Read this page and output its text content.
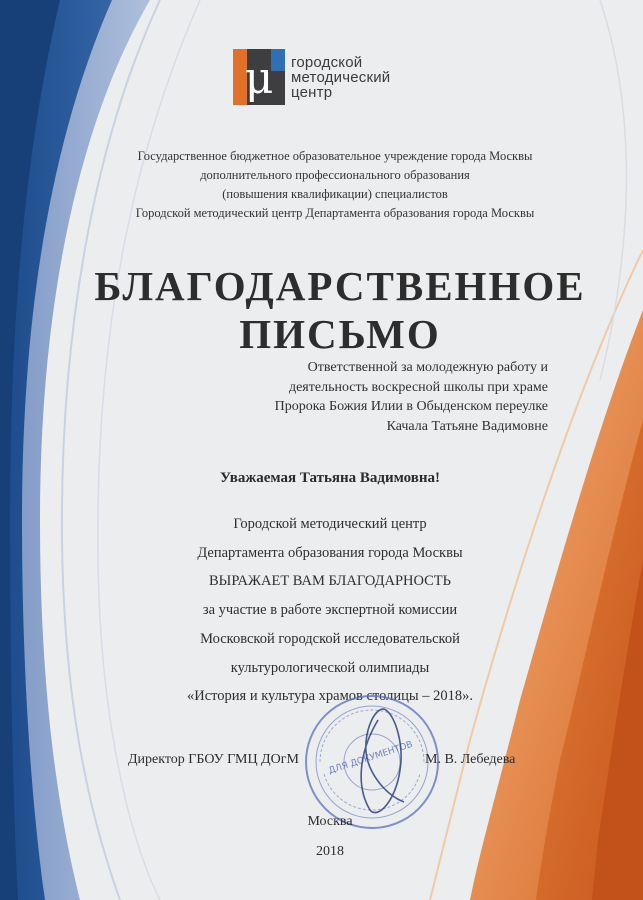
μ городской
методический
центр
Государственное бюджетное образовательное учреждение города Москвы
дополнительного профессионального образования
(повышения квалификации) специалистов
Городской методический центр Департамента образования города Москвы
БЛАГОДАРСТВЕННОЕ
ПИСЬМО
Ответственной за молодежную работу и
деятельность воскресной школы при храме
Пророка Божия Илии в Обыденском переулке
Качала Татьяне Вадимовне
Уважаемая Татьяна Вадимовна!
Городской методический центр
Департамента образования города Москвы
ВЫРАЖАЕТ ВАМ БЛАГОДАРНОСТЬ
за участие в работе экспертной комиссии
Московской городской исследовательской
культурологической олимпиады
«История и культура храмов столицы – 2018».
ДЛЯ ДОКУМЕНТОВ
Директор ГБОУ ГМЦ ДОгМ	М. В. Лебедева
Москва
2018
